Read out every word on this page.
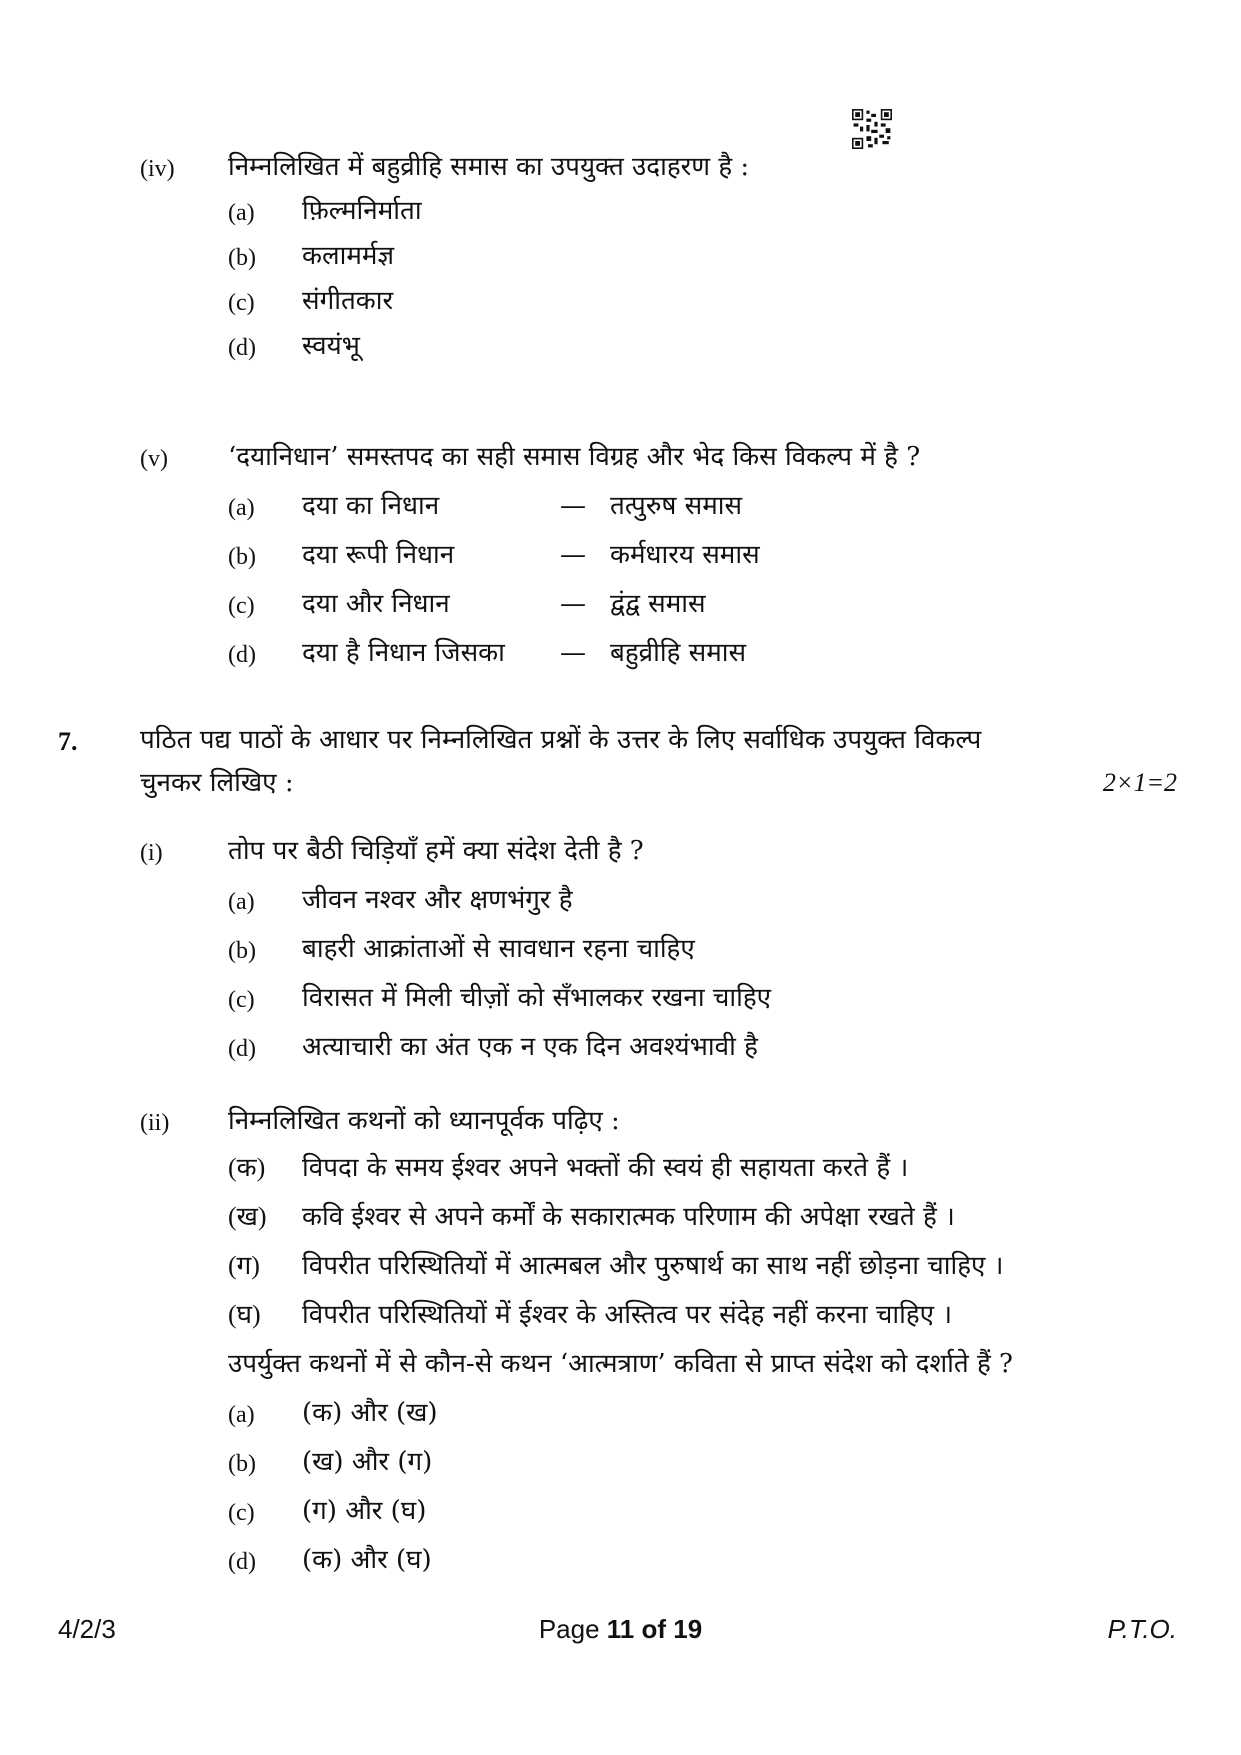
(iv) निम्नलिखित में बहुव्रीहि समास का उपयुक्त उदाहरण है :
(a) फ़िल्मनिर्माता
(b) कलामर्मज्ञ
(c) संगीतकार
(d) स्वयंभू
(v) ‘दयानिधान’ समस्तपद का सही समास विग्रह और भेद किस विकल्प में है ?
(a) दया का निधान	— तत्पुरुष समास
(b) दया रूपी निधान	— कर्मधारय समास
(c) दया और निधान	— द्वंद्व समास
(d) दया है निधान जिसका — बहुव्रीहि समास
7. पठित पद्य पाठों के आधार पर निम्नलिखित प्रश्नों के उत्तर के लिए सर्वाधिक उपयुक्त विकल्प
चुनकर लिखिए :	2×1=2
(i)	तोप पर बैठी चिड़ियाँ हमें क्या संदेश देती है ?
(a) जीवन नश्वर और क्षणभंगुर है
(b) बाहरी आक्रांताओं से सावधान रहना चाहिए
(c) विरासत में मिली चीज़ों को सँभालकर रखना चाहिए
(d) अत्याचारी का अंत एक न एक दिन अवश्यंभावी है
(ii) निम्नलिखित कथनों को ध्यानपूर्वक पढ़िए :
(क) विपदा के समय ईश्वर अपने भक्तों की स्वयं ही सहायता करते हैं ।
(ख) कवि ईश्वर से अपने कर्मों के सकारात्मक परिणाम की अपेक्षा रखते हैं ।
(ग) विपरीत परिस्थितियों में आत्मबल और पुरुषार्थ का साथ नहीं छोड़ना चाहिए ।
(घ) विपरीत परिस्थितियों में ईश्वर के अस्तित्व पर संदेह नहीं करना चाहिए ।
उपर्युक्त कथनों में से कौन-से कथन ‘आत्मत्राण’ कविता से प्राप्त संदेश को दर्शाते हैं ?
(a) (क) और (ख)
(b) (ख) और (ग)
(c) (ग) और (घ)
(d) (क) और (घ)
4/2/3	Page 11 of 19	P.T.O.
